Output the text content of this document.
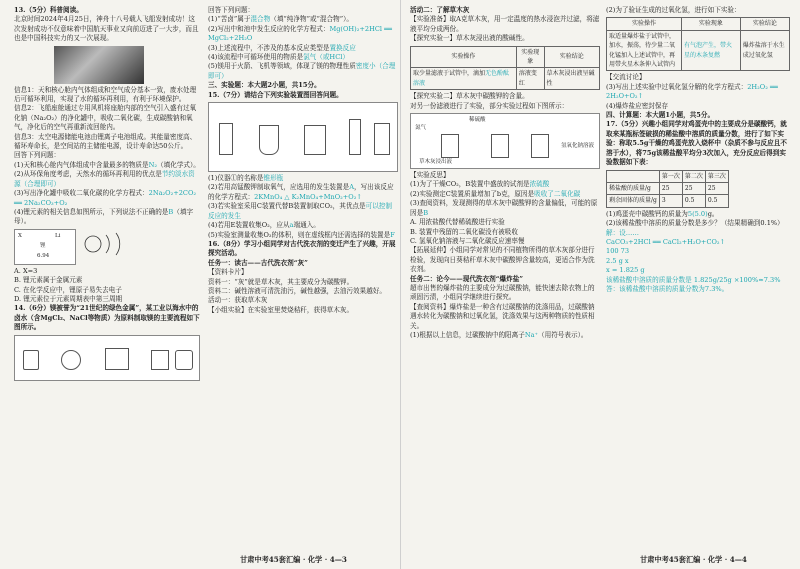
13.（5分）科普阅读。

北京时间2024年4月25日，神舟十八号载人飞船发射成功！这次发射成功不仅意味着中国航天事业又向前迈进了一大步，而且也是中国科技实力的又一次展现。

信息1：天和核心舱内气体组成和空气成分基本一致，废水处理后可循环利用，实现了水的循环再利用，有利于环境保护。

信息2：飞船座舱通过专用风机将座舱内部的空气引入盛有过氧化钠（Na₂O₂）的净化罐中，吸收二氧化碳，生成碳酸钠和氧气，净化后的空气再重新流回舱内。

信息3：太空电源储能电池由锂离子电池组成。其能量密度高、循环寿命长，是空间站的主储能电源，设计寿命达50公斤。

回答下列问题：

(1)天和核心舱内气体组成中含量最多的物质是N₂（填化学式）。

(2)从环保角度考虑，天然水的循环再利用的优点是节约淡水资源（合理即可）

(3)写出净化罐中吸收二氧化碳的化学方程式：2Na₂O₂+2CO₂ ══ 2Na₂CO₃+O₂

(4)锂元素的相关信息如图所示，下列说法不正确的是B（填字母）。

X	Li
锂
6.94

A. X=3

B. 锂元素属于金属元素

C. 在化学反应中，锂原子易失去电子

D. 锂元素位于元素周期表中第三周期

14.（6分）镁被誉为“21世纪的绿色金属”，某工业以海水中的卤水（含MgCl₂、NaCl等物质）为原料制取镁的主要流程如下图所示。

回答下列问题：

(1)“苦卤”属于混合物（填“纯净物”或“混合物”）。

(2)写出中和池中发生反应的化学方程式：Mg(OH)₂+2HCl ══ MgCl₂+2H₂O

(3)上述流程中，不涉及的基本反应类型是置换反应

(4)该流程中可循环使用的物质是氯气（或HCl）

(5)镁用于火箭、飞机等领域，体现了镁的物理性质密度小（合理即可）

三、实验题：本大题2小题，共15分。

15.（7分）请结合下列实验装置图回答问题。

(1)仪器①的名称是锥形瓶

(2)若用高锰酸钾制取氧气，应选用的发生装置是A，写出该反应的化学方程式：2KMnO₄ △ K₂MnO₄+MnO₂+O₂↑

(3)若实验室采用C装置代替B装置制取CO₂，其优点是可以控制反应的发生

(4)若用E装置收集O₂，应从a端通入。

(5)实验室测量收集O₂的体积，则在虚线框内还需选择的装置是F

16.（8分）学习小组同学对古代洗衣剂的变迁产生了兴趣，开展探究活动。

任务一：读古——古代洗衣剂“灰”

【资料卡片】

资料一：“灰”就是草木灰，其主要成分为碳酸钾。

资料二：碱性溶液可清洗油污，碱性越强，去油污效果越好。

活动一：获取草木灰

【小组实验】在实验室里焚烧秸秆，获得草木灰。

活动二：了解草木灰

【实验准备】取A克草木灰，用一定温度的热水浸泡并过滤，将滤液平均分成两份。

【探究实验一】草木灰浸出液的酸碱性。

实验操作	实验现象	实验结论
取少量滤液于试管中，滴加无色酚酞溶液	溶液变红	草木灰浸出液呈碱性

【探究实验二】草木灰中碳酸钾的含量。

对另一份滤液进行了实验，部分实验过程如下图所示：

稀硫酸
氮气
草木灰浸出液
氢氧化钠溶液

【实验反思】

(1)为了干燥CO₂，B装置中盛放的试剂是浓硫酸

(2)实验测定C装置质量增加了b克，原因是吸收了二氧化碳

(3)查阅资料，发现测得的草木灰中碳酸钾的含量偏低，可能的原因是B

A. 用浓盐酸代替稀硫酸进行实验

B. 装置中残留的二氧化碳没有被吸收

C. 氢氧化钠溶液与二氧化碳反应速率慢

【拓展延伸】小组同学对常见的不同植物所得的草木灰部分进行检验，发现向日葵秸秆草木灰中碳酸钾含量较高，更适合作为洗衣剂。

任务二：论今——现代洗衣剂“爆炸盐”

超市出售的爆炸盐的主要成分为过碳酸钠，能快速去除衣物上的顽固污渍，小组同学继续进行探究。

【查阅资料】爆炸盐是一种含有过碳酸钠的洗涤用品，过碳酸钠遇水转化为碳酸钠和过氧化氢，洗涤效果与这两种物质的性质相关。

(1)根据以上信息，过碳酸钠中的阳离子Na⁺（用符号表示）。

(2)为了验证生成的过氧化氢，进行如下实验：

实验操作	实验现象	实验结论
取适量爆炸盐于试管中，加水，振荡，待少量二氧化锰加入上述试管中，再用带火星木条伸入试管内	有气泡产生，带火星的木条复燃	爆炸盐溶于水生成过氧化氢

【交流讨论】

(3)写出上述实验中过氧化氢分解的化学方程式：2H₂O₂ ══ 2H₂O+O₂↑

(4)爆炸盐应密封保存

四、计算题：本大题1小题，共5分。

17.（5分）兴趣小组同学对鸡蛋壳中的主要成分是碳酸钙，就取来某瓶标签破损的稀盐酸中溶质的质量分数，进行了如下实验：称取5.5g干燥的鸡蛋壳放入烧杯中（杂质不参与反应且不溶于水），将75g该稀盐酸平均分3次加入，充分反应后得到实验数据如下表：

	第一次	第二次	第三次
稀盐酸的质量/g	25	25	25
剩余固体的质量/g	3	0.5	0.5

(1)鸡蛋壳中碳酸钙的质量为5(5.0)g。

(2)该稀盐酸中溶质的质量分数是多少？（结果精确到0.1%）

解：设……

CaCO₃+2HCl ══ CaCl₂+H₂O+CO₂↑

100 73

2.5 g x

x = 1.825 g

该稀盐酸中溶质的质量分数是 1.825g/25g ×100%≈7.3%

答：该稀盐酸中溶质的质量分数为7.3%。

甘肃中考45套汇编 · 化学 · 4—3	甘肃中考45套汇编 · 化学 · 4—4
